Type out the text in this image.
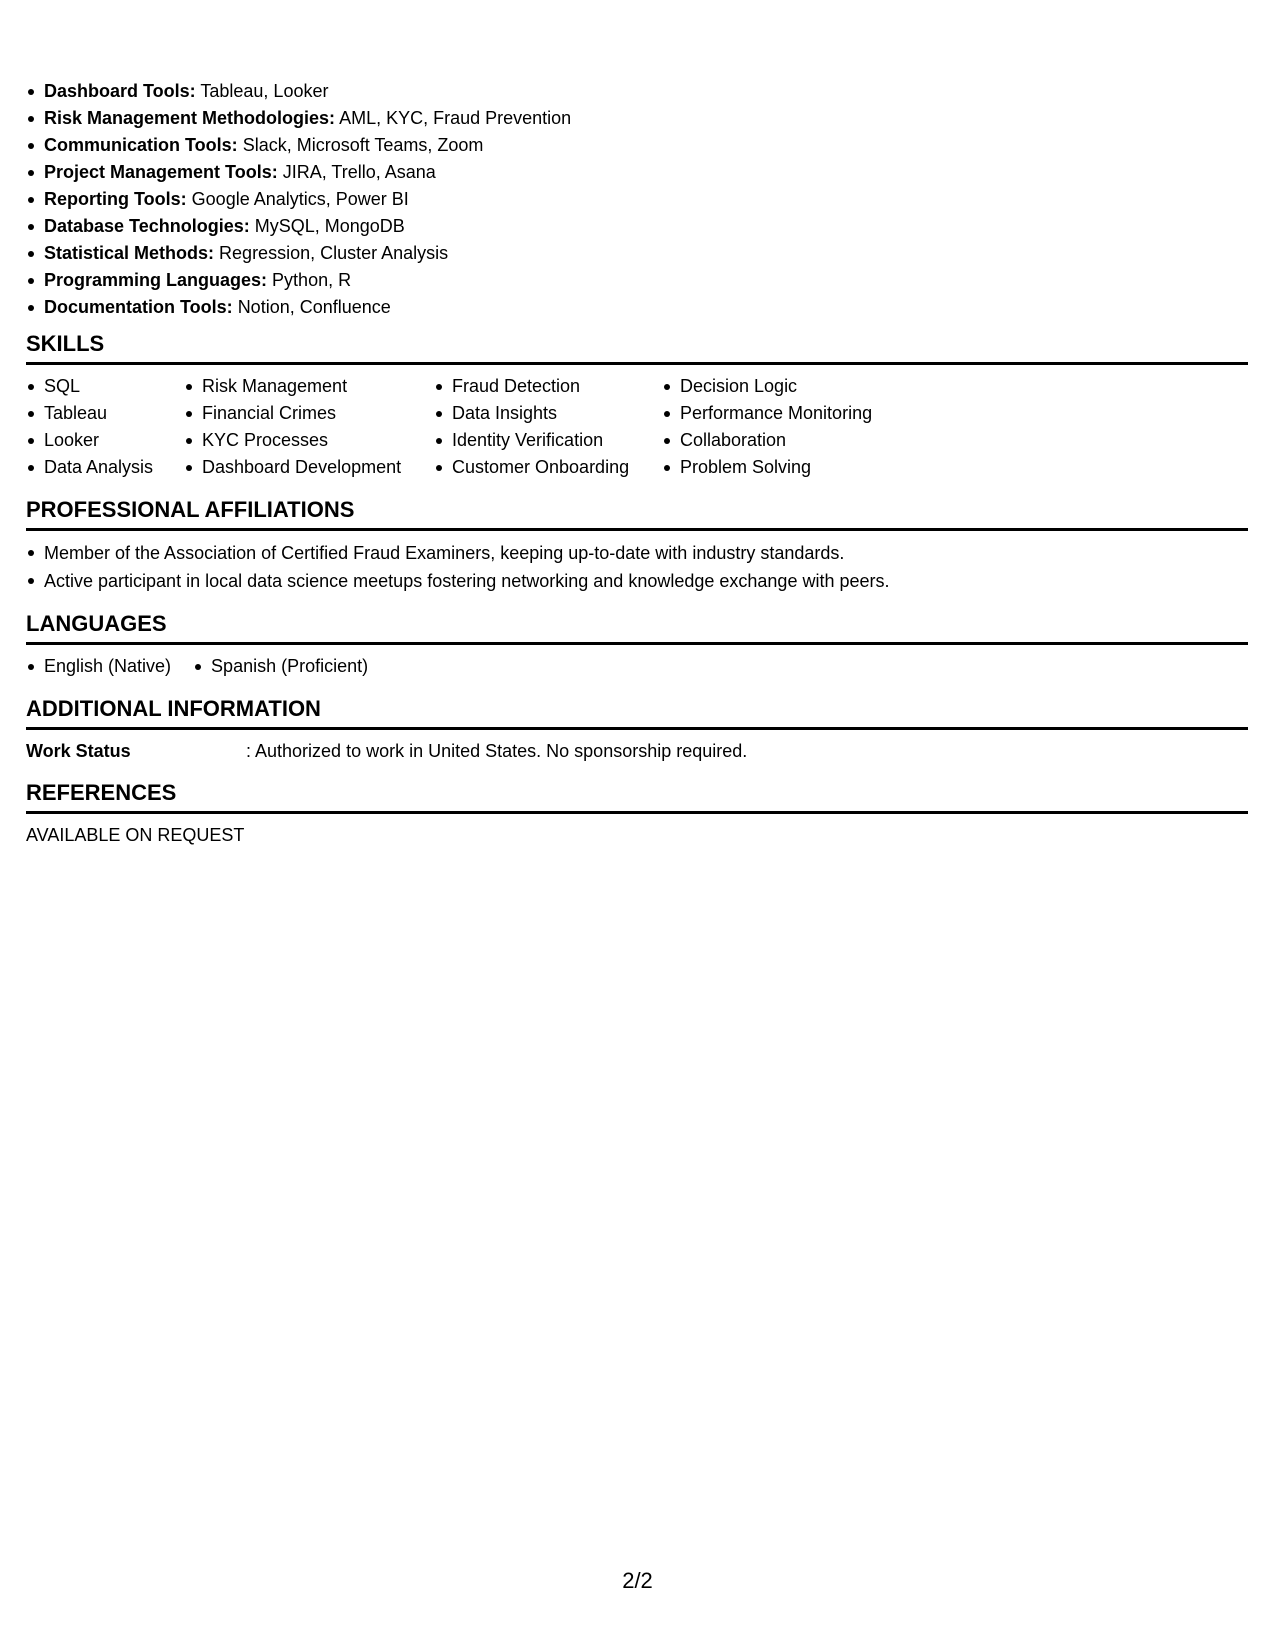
Dashboard Tools: Tableau, Looker
Risk Management Methodologies: AML, KYC, Fraud Prevention
Communication Tools: Slack, Microsoft Teams, Zoom
Project Management Tools: JIRA, Trello, Asana
Reporting Tools: Google Analytics, Power BI
Database Technologies: MySQL, MongoDB
Statistical Methods: Regression, Cluster Analysis
Programming Languages: Python, R
Documentation Tools: Notion, Confluence
SKILLS
SQL
Tableau
Looker
Data Analysis
Risk Management
Financial Crimes
KYC Processes
Dashboard Development
Fraud Detection
Data Insights
Identity Verification
Customer Onboarding
Decision Logic
Performance Monitoring
Collaboration
Problem Solving
PROFESSIONAL AFFILIATIONS
Member of the Association of Certified Fraud Examiners, keeping up-to-date with industry standards.
Active participant in local data science meetups fostering networking and knowledge exchange with peers.
LANGUAGES
English (Native)	Spanish (Proficient)
ADDITIONAL INFORMATION
Work Status	: Authorized to work in United States. No sponsorship required.
REFERENCES
AVAILABLE ON REQUEST
2/2
